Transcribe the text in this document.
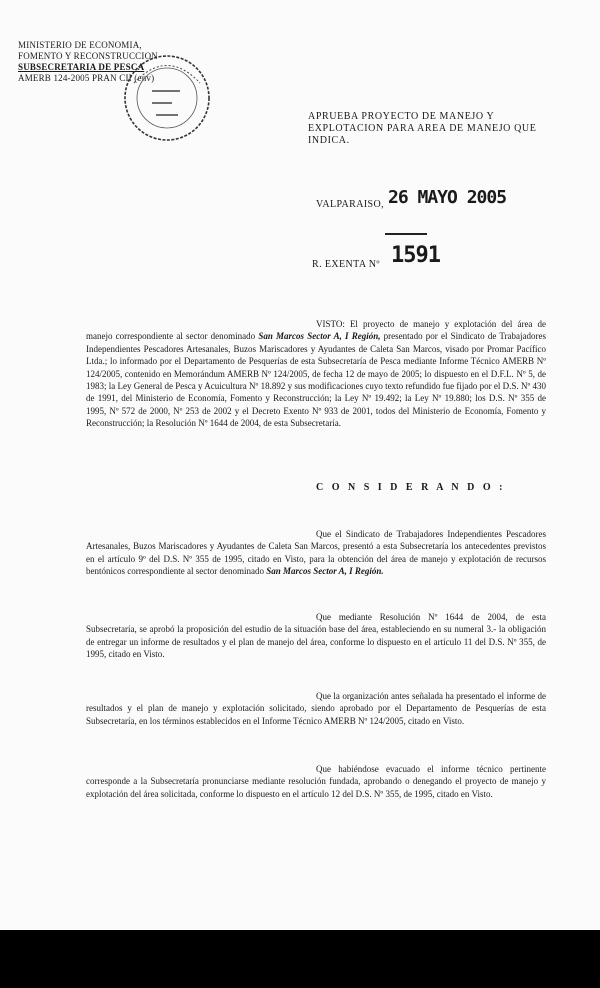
MINISTERIO DE ECONOMIA,
FOMENTO Y RECONSTRUCCION
SUBSECRETARIA DE PESCA
AMERB 124-2005 PRAN CII (env)
APRUEBA PROYECTO DE MANEJO Y
EXPLOTACION PARA AREA DE MANEJO QUE
INDICA.
VALPARAISO, 26 MAYO 2005
R. EXENTA Nº 1591
VISTO: El proyecto de manejo y explotación del área de manejo correspondiente al sector denominado San Marcos Sector A, I Región, presentado por el Sindicato de Trabajadores Independientes Pescadores Artesanales, Buzos Mariscadores y Ayudantes de Caleta San Marcos, visado por Promar Pacífico Ltda.; lo informado por el Departamento de Pesquerías de esta Subsecretaría de Pesca mediante Informe Técnico AMERB Nº 124/2005, contenido en Memorándum AMERB Nº 124/2005, de fecha 12 de mayo de 2005; lo dispuesto en el D.F.L. Nº 5, de 1983; la Ley General de Pesca y Acuicultura Nº 18.892 y sus modificaciones cuyo texto refundido fue fijado por el D.S. Nº 430 de 1991, del Ministerio de Economía, Fomento y Reconstrucción; la Ley Nº 19.492; la Ley Nº 19.880; los D.S. Nº 355 de 1995, Nº 572 de 2000, Nº 253 de 2002 y el Decreto Exento Nº 933 de 2001, todos del Ministerio de Economía, Fomento y Reconstrucción; la Resolución Nº 1644 de 2004, de esta Subsecretaría.
C O N S I D E R A N D O :
Que el Sindicato de Trabajadores Independientes Pescadores Artesanales, Buzos Mariscadores y Ayudantes de Caleta San Marcos, presentó a esta Subsecretaría los antecedentes previstos en el artículo 9º del D.S. Nº 355 de 1995, citado en Visto, para la obtención del área de manejo y explotación de recursos bentónicos correspondiente al sector denominado San Marcos Sector A, I Región.
Que mediante Resolución Nº 1644 de 2004, de esta Subsecretaría, se aprobó la proposición del estudio de la situación base del área, estableciendo en su numeral 3.- la obligación de entregar un informe de resultados y el plan de manejo del área, conforme lo dispuesto en el artículo 11 del D.S. Nº 355, de 1995, citado en Visto.
Que la organización antes señalada ha presentado el informe de resultados y el plan de manejo y explotación solicitado, siendo aprobado por el Departamento de Pesquerías de esta Subsecretaría, en los términos establecidos en el Informe Técnico AMERB Nº 124/2005, citado en Visto.
Que habiéndose evacuado el informe técnico pertinente corresponde a la Subsecretaría pronunciarse mediante resolución fundada, aprobando o denegando el proyecto de manejo y explotación del área solicitada, conforme lo dispuesto en el artículo 12 del D.S. Nº 355, de 1995, citado en Visto.
